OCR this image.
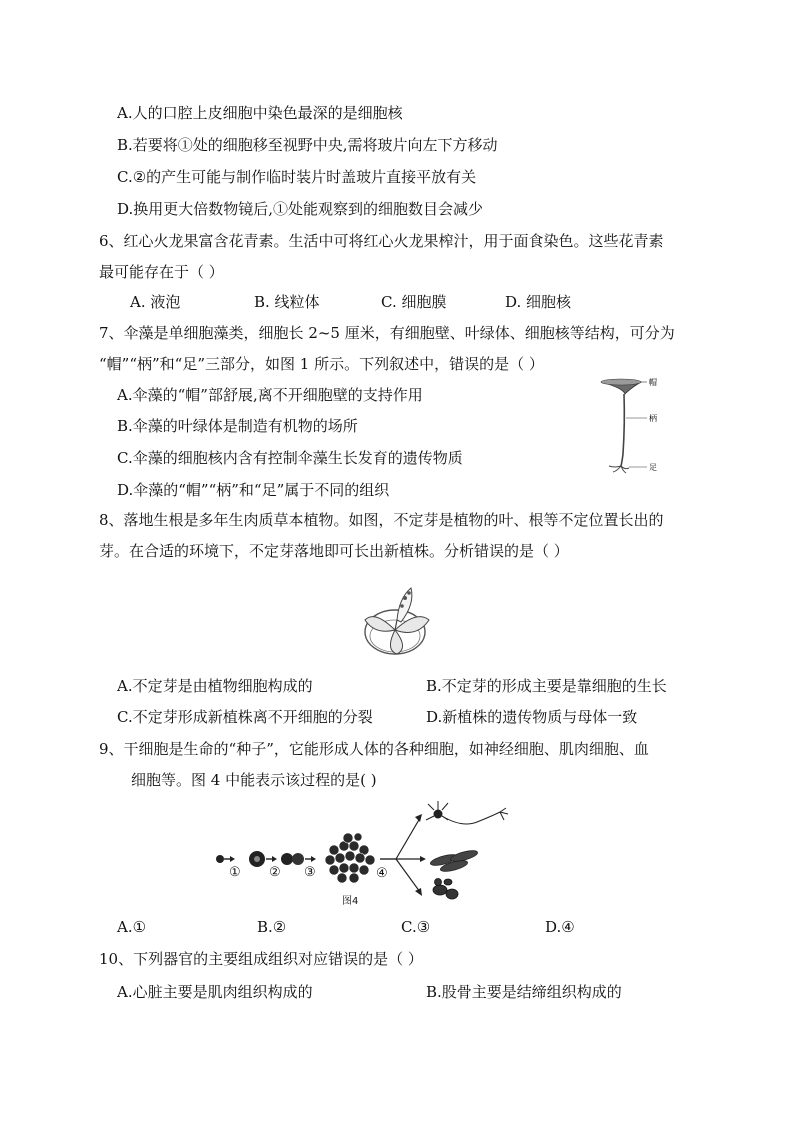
A.人的口腔上皮细胞中染色最深的是细胞核
B.若要将①处的细胞移至视野中央,需将玻片向左下方移动
C.②的产生可能与制作临时装片时盖玻片直接平放有关
D.换用更大倍数物镜后,①处能观察到的细胞数目会减少
6、红心火龙果富含花青素。生活中可将红心火龙果榨汁，用于面食染色。这些花青素
最可能存在于（ ）
A. 液泡	B. 线粒体	C. 细胞膜	D. 细胞核
7、伞藻是单细胞藻类，细胞长 2~5 厘米，有细胞壁、叶绿体、细胞核等结构，可分为
“帽”“柄”和“足”三部分，如图 1 所示。下列叙述中，错误的是（ ）
A.伞藻的“帽”部舒展,离不开细胞壁的支持作用
B.伞藻的叶绿体是制造有机物的场所
C.伞藻的细胞核内含有控制伞藻生长发育的遗传物质
D.伞藻的“帽”“柄”和“足”属于不同的组织
帽
柄
足
8、落地生根是多年生肉质草本植物。如图，不定芽是植物的叶、根等不定位置长出的
芽。在合适的环境下，不定芽落地即可长出新植株。分析错误的是（ ）
A.不定芽是由植物细胞构成的	B.不定芽的形成主要是靠细胞的生长
C.不定芽形成新植株离不开细胞的分裂	D.新植株的遗传物质与母体一致
9、干细胞是生命的“种子”，它能形成人体的各种细胞，如神经细胞、肌肉细胞、血
细胞等。图 4 中能表示该过程的是( )
① ② ③	④
图4
A.①	B.②	C.③	D.④
10、下列器官的主要组成组织对应错误的是（ ）
A.心脏主要是肌肉组织构成的	B.股骨主要是结缔组织构成的
